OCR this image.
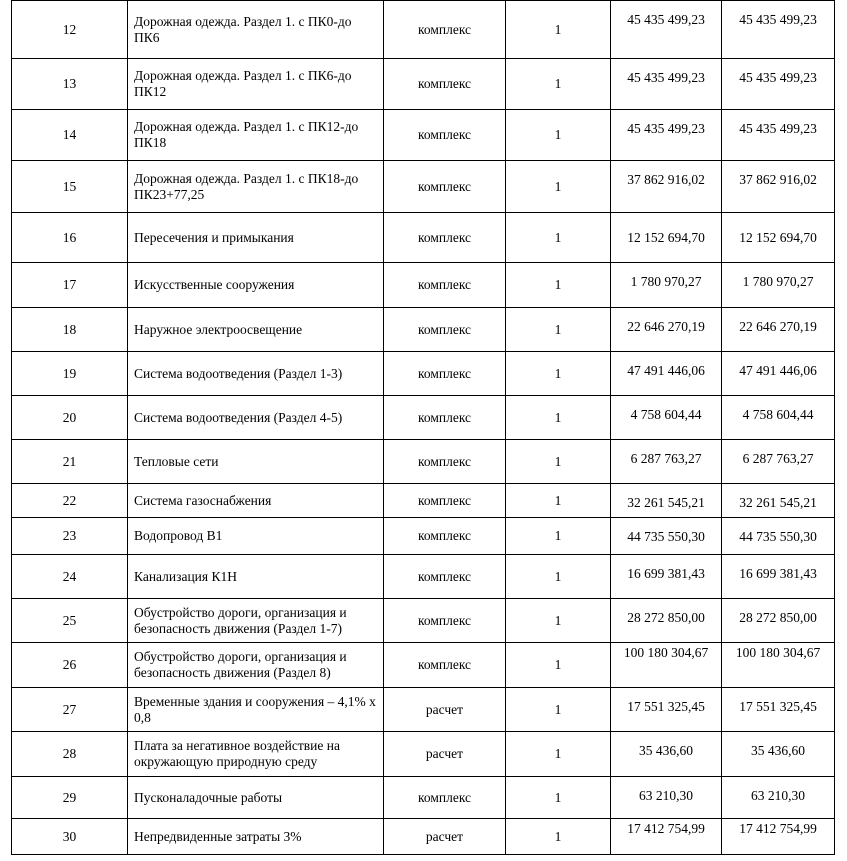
12	Дорожная одежда. Раздел 1. с ПК0-до ПК6	комплекс	1	45 435 499,23	45 435 499,23
13	Дорожная одежда. Раздел 1. с ПК6-до ПК12	комплекс	1	45 435 499,23	45 435 499,23
14	Дорожная одежда. Раздел 1. с ПК12-до ПК18	комплекс	1	45 435 499,23	45 435 499,23
15	Дорожная одежда. Раздел 1. с ПК18-до ПК23+77,25	комплекс	1	37 862 916,02	37 862 916,02
16	Пересечения и примыкания	комплекс	1	12 152 694,70	12 152 694,70
17	Искусственные сооружения	комплекс	1	1 780 970,27	1 780 970,27
18	Наружное электроосвещение	комплекс	1	22 646 270,19	22 646 270,19
19	Система водоотведения (Раздел 1-3)	комплекс	1	47 491 446,06	47 491 446,06
20	Система водоотведения (Раздел 4-5)	комплекс	1	4 758 604,44	4 758 604,44
21	Тепловые сети	комплекс	1	6 287 763,27	6 287 763,27
22	Система газоснабжения	комплекс	1	32 261 545,21	32 261 545,21
23	Водопровод В1	комплекс	1	44 735 550,30	44 735 550,30
24	Канализация К1Н	комплекс	1	16 699 381,43	16 699 381,43
25	Обустройство дороги, организация и безопасность движения (Раздел 1-7)	комплекс	1	28 272 850,00	28 272 850,00
26	Обустройство дороги, организация и безопасность движения (Раздел 8)	комплекс	1	100 180 304,67	100 180 304,67
27	Временные здания и сооружения – 4,1% х 0,8	расчет	1	17 551 325,45	17 551 325,45
28	Плата за негативное воздействие на окружающую природную среду	расчет	1	35 436,60	35 436,60
29	Пусконаладочные работы	комплекс	1	63 210,30	63 210,30
30	Непредвиденные затраты 3%	расчет	1	17 412 754,99	17 412 754,99
